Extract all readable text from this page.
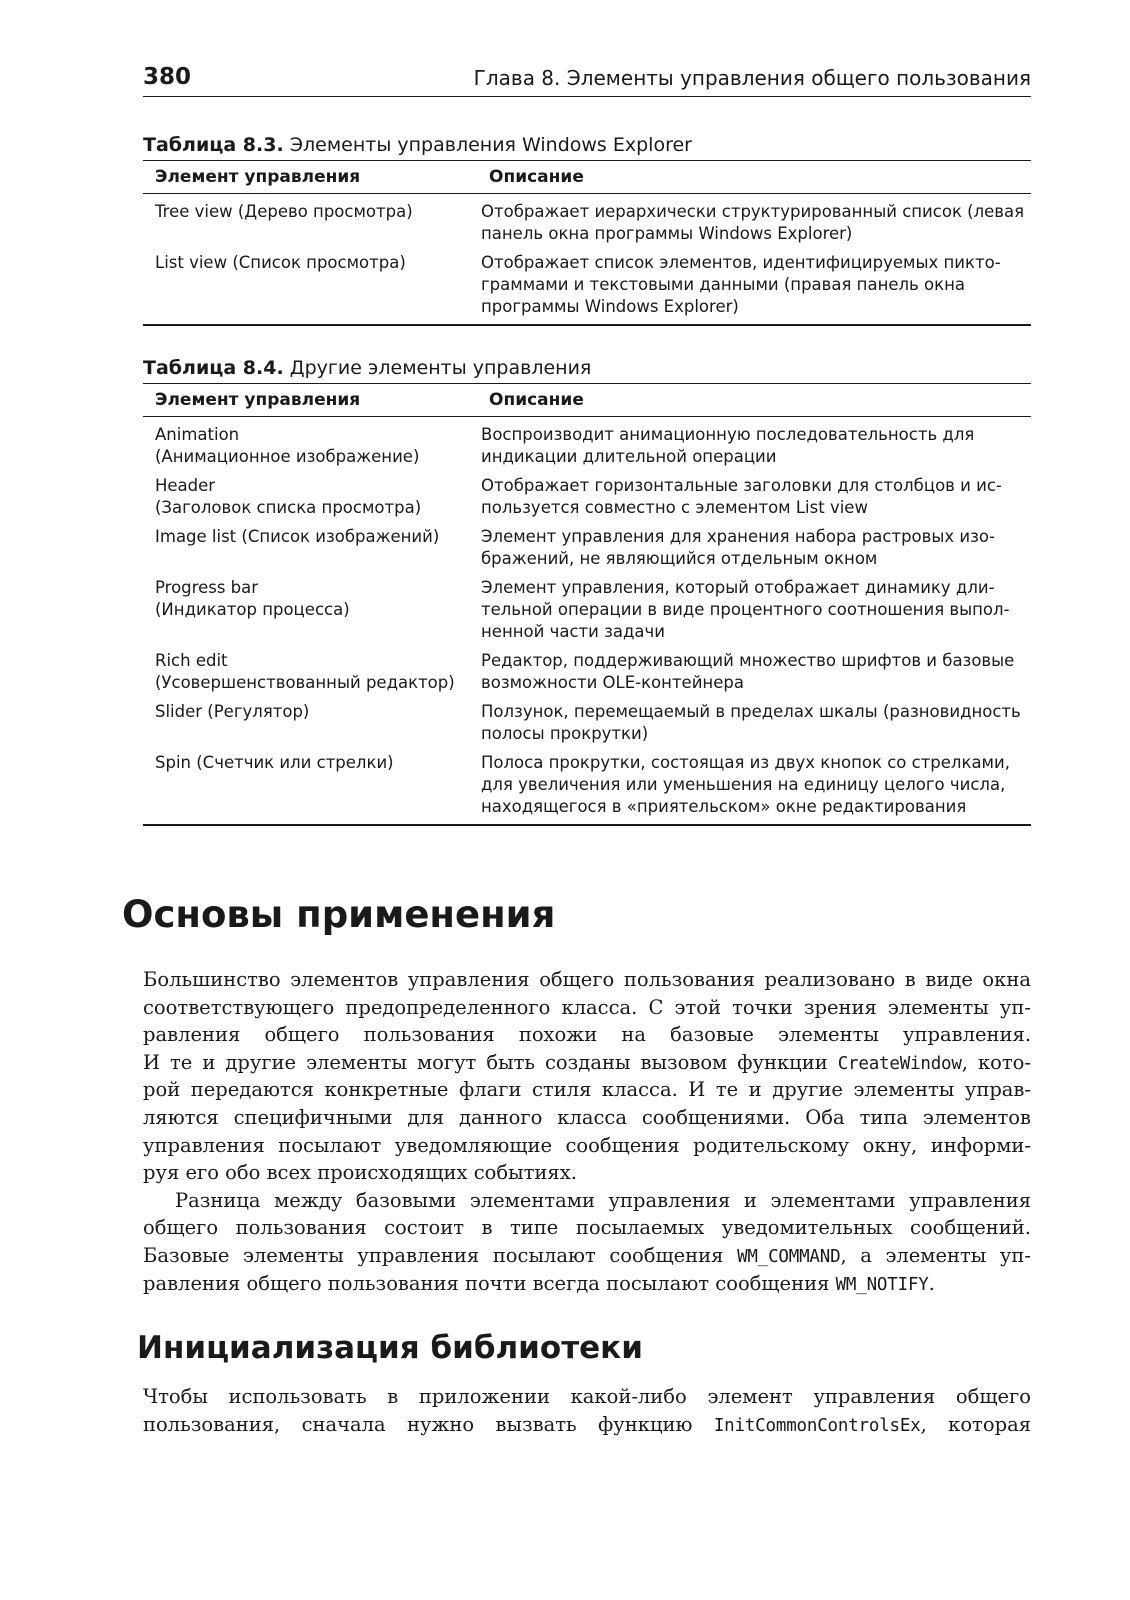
380	Глава 8. Элементы управления общего пользования
Таблица 8.3. Элементы управления Windows Explorer
Элемент управления	Описание

Tree view (Дерево просмотра)	Отображает иерархически структурированный список (левая
панель окна программы Windows Explorer)

List view (Список просмотра)	Отображает список элементов, идентифицируемых пикто-
граммами и текстовыми данными (правая панель окна
программы Windows Explorer)
Таблица 8.4. Другие элементы управления
Элемент управления	Описание

Animation
(Анимационное изображение)	Воспроизводит анимационную последовательность для
индикации длительной операции

Header
(Заголовок списка просмотра)	Отображает горизонтальные заголовки для столбцов и ис-
пользуется совместно с элементом List view

Image list (Список изображений)	Элемент управления для хранения набора растровых изо-
бражений, не являющийся отдельным окном

Progress bar
(Индикатор процесса)	Элемент управления, который отображает динамику дли-
тельной операции в виде процентного соотношения выпол-
ненной части задачи

Rich edit
(Усовершенствованный редактор)	Редактор, поддерживающий множество шрифтов и базовые
возможности OLE-контейнера

Slider (Регулятор)	Ползунок, перемещаемый в пределах шкалы (разновидность
полосы прокрутки)

Spin (Счетчик или стрелки)	Полоса прокрутки, состоящая из двух кнопок со стрелками,
для увеличения или уменьшения на единицу целого числа,
находящегося в «приятельском» окне редактирования
Основы применения
Большинство элементов управления общего пользования реализовано в виде окна
соответствующего предопределенного класса. С этой точки зрения элементы уп-
равления общего пользования похожи на базовые элементы управления.
И те и другие элементы могут быть созданы вызовом функции CreateWindow, кото-
рой передаются конкретные флаги стиля класса. И те и другие элементы управ-
ляются специфичными для данного класса сообщениями. Оба типа элементов
управления посылают уведомляющие сообщения родительскому окну, информи-
руя его обо всех происходящих событиях.
Разница между базовыми элементами управления и элементами управления
общего пользования состоит в типе посылаемых уведомительных сообщений.
Базовые элементы управления посылают сообщения WM_COMMAND, а элементы уп-
равления общего пользования почти всегда посылают сообщения WM_NOTIFY.
Инициализация библиотеки
Чтобы использовать в приложении какой-либо элемент управления общего
пользования, сначала нужно вызвать функцию InitCommonControlsEx, которая
